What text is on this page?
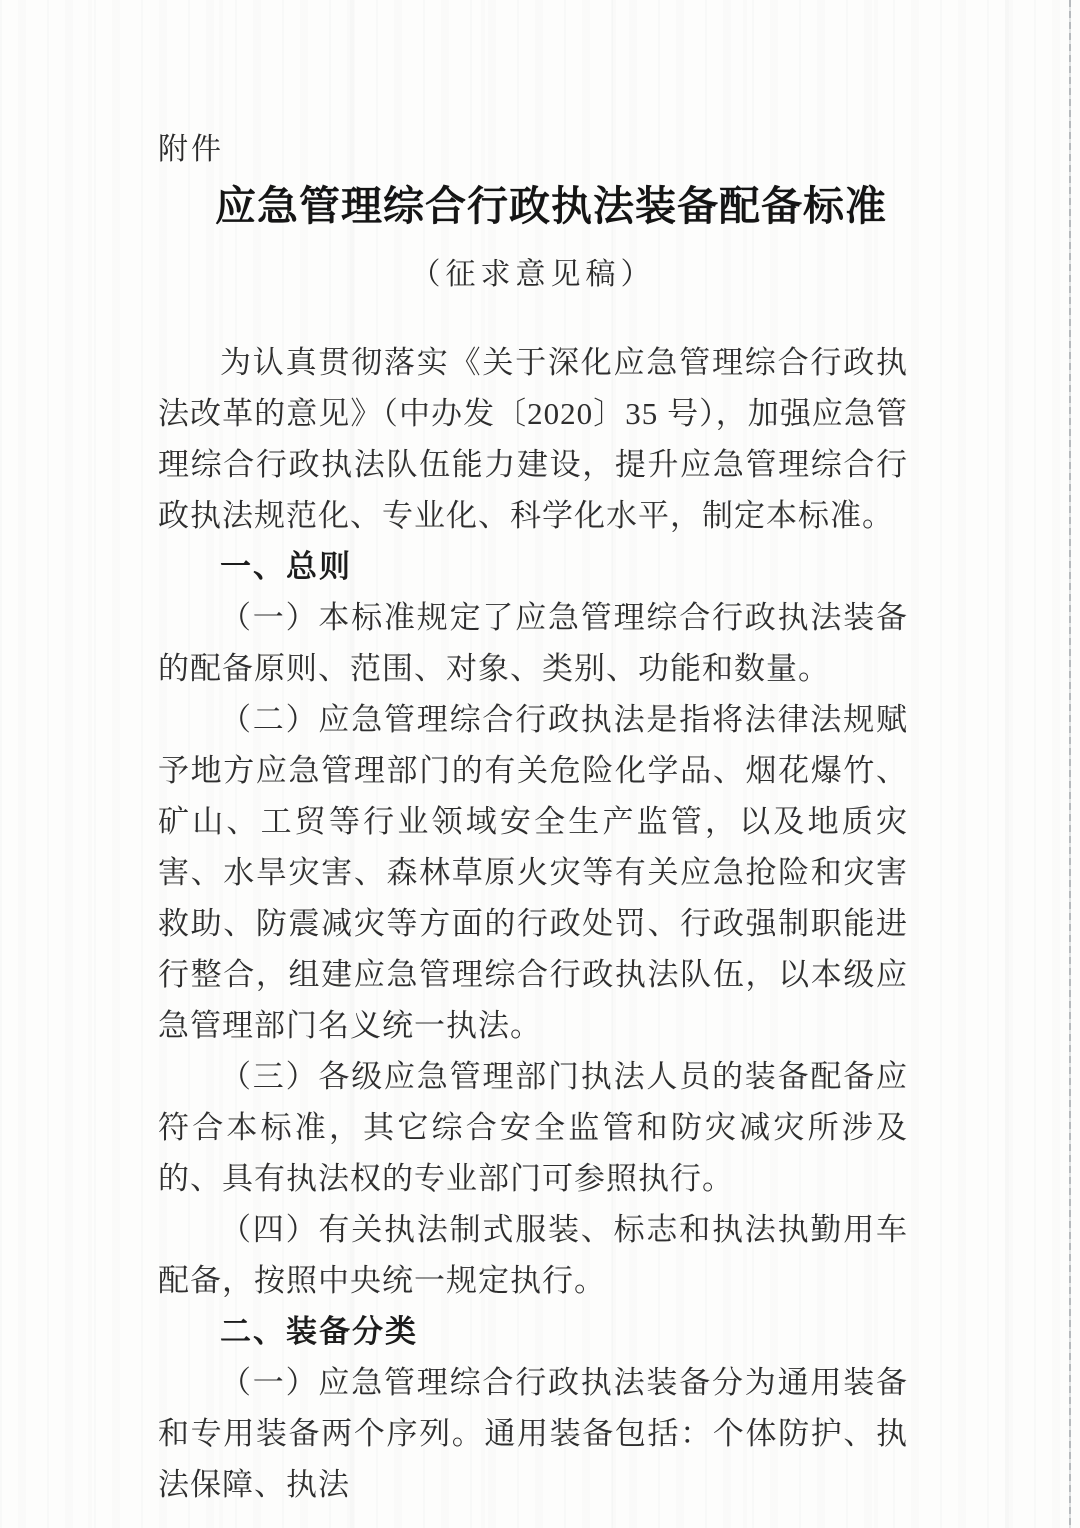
附件
应急管理综合行政执法装备配备标准
（征求意见稿）

为认真贯彻落实《关于深化应急管理综合行政执法改革的意见》（中办发〔2020〕35 号），加强应急管理综合行政执法队伍能力建设，提升应急管理综合行政执法规范化、专业化、科学化水平，制定本标准。

一、总则

（一）本标准规定了应急管理综合行政执法装备的配备原则、范围、对象、类别、功能和数量。

（二）应急管理综合行政执法是指将法律法规赋予地方应急管理部门的有关危险化学品、烟花爆竹、矿山、工贸等行业领域安全生产监管，以及地质灾害、水旱灾害、森林草原火灾等有关应急抢险和灾害救助、防震减灾等方面的行政处罚、行政强制职能进行整合，组建应急管理综合行政执法队伍，以本级应急管理部门名义统一执法。

（三）各级应急管理部门执法人员的装备配备应符合本标准，其它综合安全监管和防灾减灾所涉及的、具有执法权的专业部门可参照执行。

（四）有关执法制式服装、标志和执法执勤用车配备，按照中央统一规定执行。

二、装备分类

（一）应急管理综合行政执法装备分为通用装备和专用装备两个序列。通用装备包括：个体防护、执法保障、执法
